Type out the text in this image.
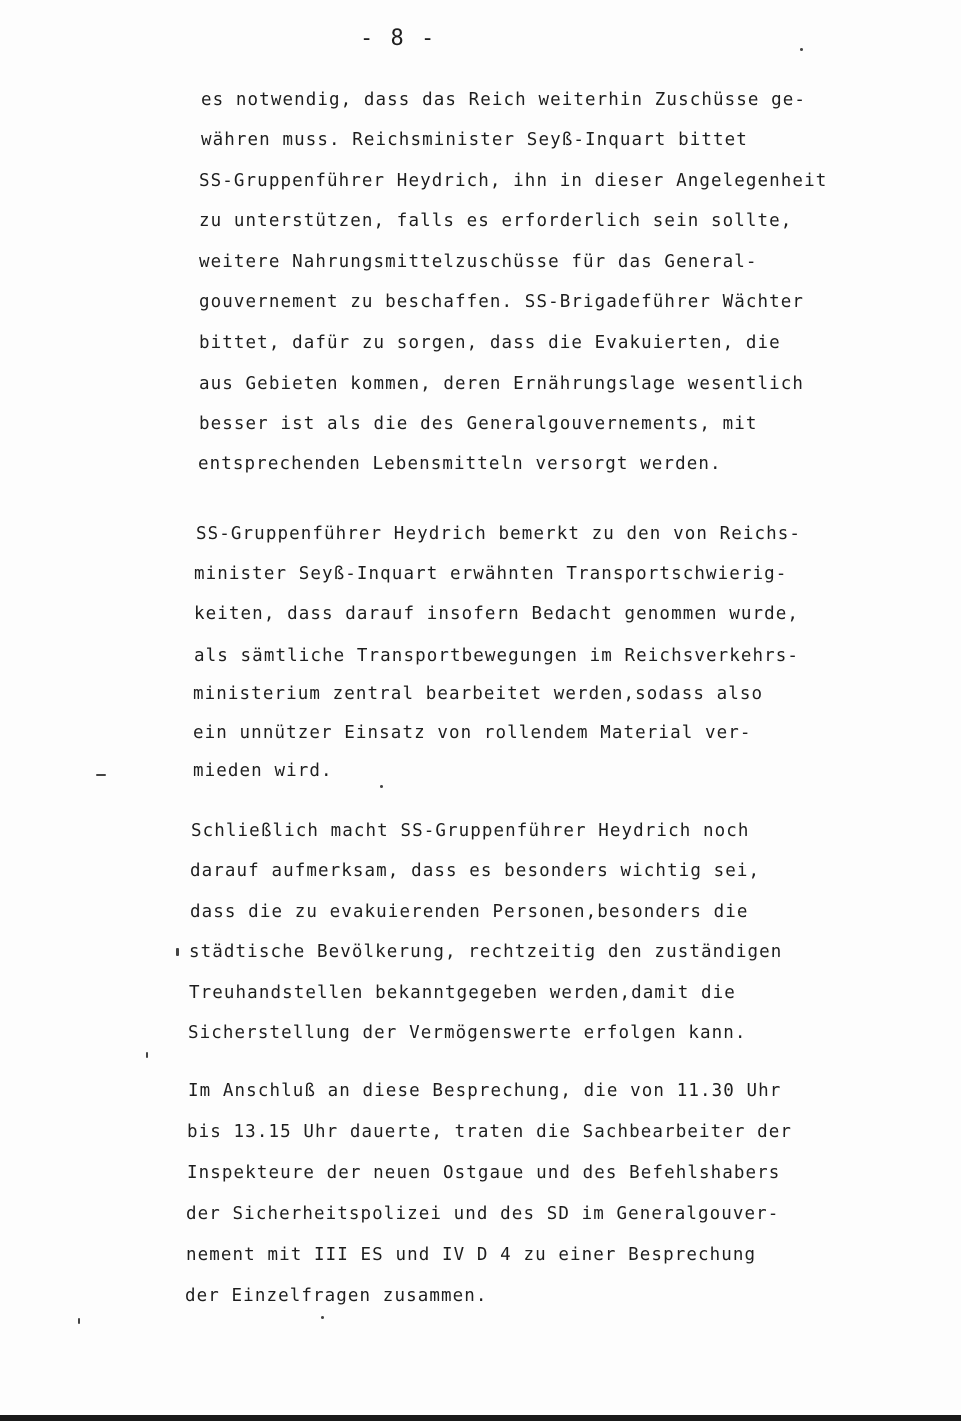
- 8 -
es notwendig, dass das Reich weiterhin Zuschüsse ge-
währen muss. Reichsminister Seyß-Inquart bittet
SS-Gruppenführer Heydrich, ihn in dieser Angelegenheit
zu unterstützen, falls es erforderlich sein sollte,
weitere Nahrungsmittelzuschüsse für das General-
gouvernement zu beschaffen. SS-Brigadeführer Wächter
bittet, dafür zu sorgen, dass die Evakuierten, die
aus Gebieten kommen, deren Ernährungslage wesentlich
besser ist als die des Generalgouvernements, mit
entsprechenden Lebensmitteln versorgt werden.
SS-Gruppenführer Heydrich bemerkt zu den von Reichs-
minister Seyß-Inquart erwähnten Transportschwierig-
keiten, dass darauf insofern Bedacht genommen wurde,
als sämtliche Transportbewegungen im Reichsverkehrs-
ministerium zentral bearbeitet werden,sodass also
ein unnützer Einsatz von rollendem Material ver-
mieden wird.
Schließlich macht SS-Gruppenführer Heydrich noch
darauf aufmerksam, dass es besonders wichtig sei,
dass die zu evakuierenden Personen,besonders die
städtische Bevölkerung, rechtzeitig den zuständigen
Treuhandstellen bekanntgegeben werden,damit die
Sicherstellung der Vermögenswerte erfolgen kann.
Im Anschluß an diese Besprechung, die von 11.30 Uhr
bis 13.15 Uhr dauerte, traten die Sachbearbeiter der
Inspekteure der neuen Ostgaue und des Befehlshabers
der Sicherheitspolizei und des SD im Generalgouver-
nement mit III ES und IV D 4 zu einer Besprechung
der Einzelfragen zusammen.
